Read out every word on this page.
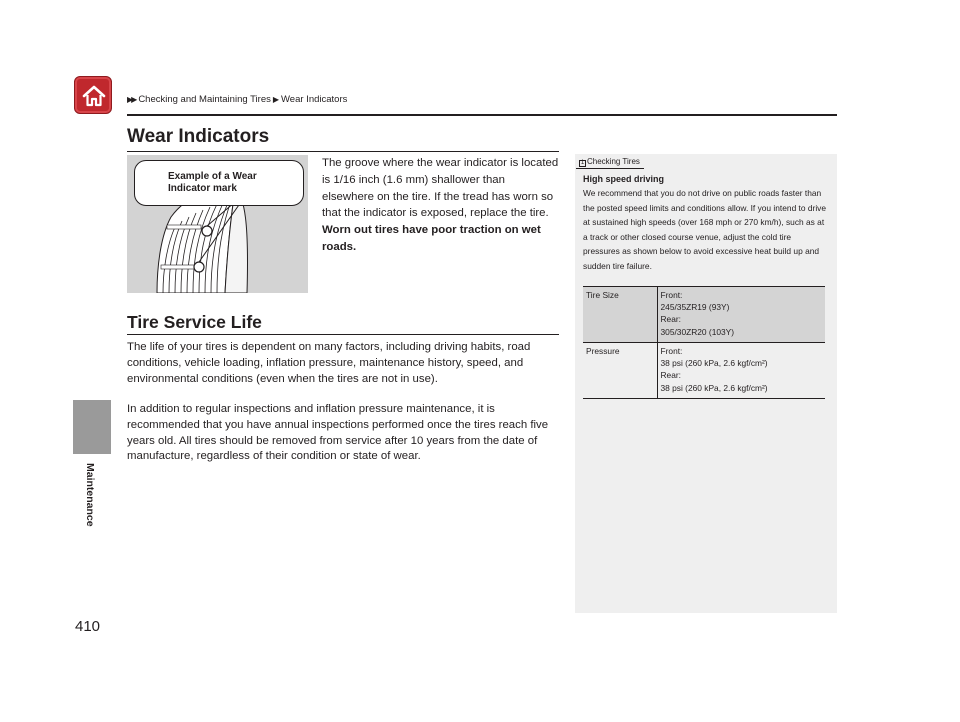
▶▶ Checking and Maintaining Tires ▶ Wear Indicators
Maintenance
410
Wear Indicators
Example of a Wear Indicator mark
The groove where the wear indicator is located is 1/16 inch (1.6 mm) shallower than elsewhere on the tire. If the tread has worn so that the indicator is exposed, replace the tire. Worn out tires have poor traction on wet roads.
Tire Service Life

The life of your tires is dependent on many factors, including driving habits, road conditions, vehicle loading, inflation pressure, maintenance history, speed, and environmental conditions (even when the tires are not in use).

In addition to regular inspections and inflation pressure maintenance, it is recommended that you have annual inspections performed once the tires reach five years old. All tires should be removed from service after 10 years from the date of manufacture, regardless of their condition or state of wear.

1 Checking Tires
High speed driving
We recommend that you do not drive on public roads faster than the posted speed limits and conditions allow. If you intend to drive at sustained high speeds (over 168 mph or 270 km/h), such as at a track or other closed course venue, adjust the cold tire pressures as shown below to avoid excessive heat build up and sudden tire failure.
Tire Size	Front:
245/35ZR19 (93Y)
Rear:
305/30ZR20 (103Y)

Pressure	Front:
38 psi (260 kPa, 2.6 kgf/cm²)
Rear:
38 psi (260 kPa, 2.6 kgf/cm²)
